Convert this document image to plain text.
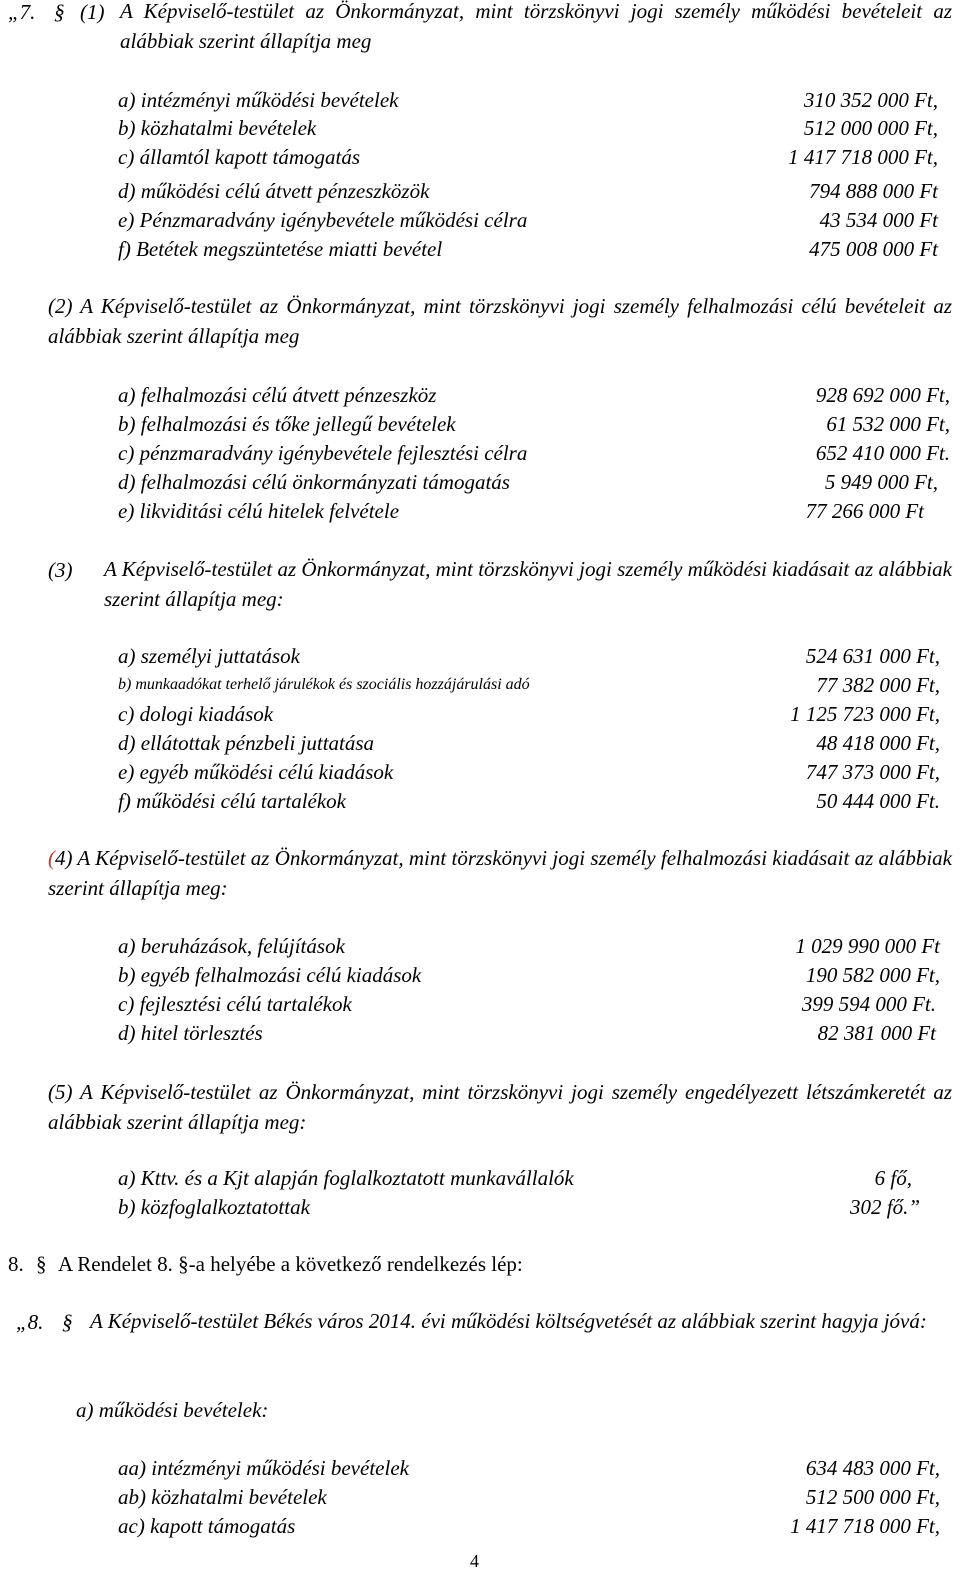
„7. § (1) A Képviselő-testület az Önkormányzat, mint törzskönyvi jogi személy működési bevételeit az alábbiak szerint állapítja meg
a) intézményi működési bevételek	310 352 000 Ft,
b) közhatalmi bevételek	512 000 000 Ft,
c) államtól kapott támogatás	1 417 718 000 Ft,
d) működési célú átvett pénzeszközök	794 888 000 Ft
e) Pénzmaradvány igénybevétele működési célra	43 534 000 Ft
f) Betétek megszüntetése miatti bevétel	475 008 000 Ft
(2) A Képviselő-testület az Önkormányzat, mint törzskönyvi jogi személy felhalmozási célú bevételeit az alábbiak szerint állapítja meg
a) felhalmozási célú átvett pénzeszköz	928 692 000 Ft,
b) felhalmozási és tőke jellegű bevételek	61 532 000 Ft,
c) pénzmaradvány igénybevétele fejlesztési célra	652 410 000 Ft.
d) felhalmozási célú önkormányzati támogatás	5 949 000 Ft,
e) likviditási célú hitelek felvétele	77 266 000 Ft
(3) A Képviselő-testület az Önkormányzat, mint törzskönyvi jogi személy működési kiadásait az alábbiak szerint állapítja meg:
a) személyi juttatások	524 631 000 Ft,
b) munkaadókat terhelő járulékok és szociális hozzájárulási adó	77 382 000 Ft,
c) dologi kiadások	1 125 723 000 Ft,
d) ellátottak pénzbeli juttatása	48 418 000 Ft,
e) egyéb működési célú kiadások	747 373 000 Ft,
f) működési célú tartalékok	50 444 000 Ft.
(4) A Képviselő-testület az Önkormányzat, mint törzskönyvi jogi személy felhalmozási kiadásait az alábbiak szerint állapítja meg:
a) beruházások, felújítások	1 029 990 000 Ft
b) egyéb felhalmozási célú kiadások	190 582 000 Ft,
c) fejlesztési célú tartalékok	399 594 000 Ft.
d) hitel törlesztés	82 381 000 Ft
(5) A Képviselő-testület az Önkormányzat, mint törzskönyvi jogi személy engedélyezett létszámkeretét az alábbiak szerint állapítja meg:
a) Kttv. és a Kjt alapján foglalkoztatott munkavállalók	6 fő,
b) közfoglalkoztatottak	302 fő.”
8. § A Rendelet 8. §-a helyébe a következő rendelkezés lép:
„8. § A Képviselő-testület Békés város 2014. évi működési költségvetését az alábbiak szerint hagyja jóvá:
a) működési bevételek:
aa) intézményi működési bevételek	634 483 000 Ft,
ab) közhatalmi bevételek	512 500 000 Ft,
ac) kapott támogatás	1 417 718 000 Ft,
4
